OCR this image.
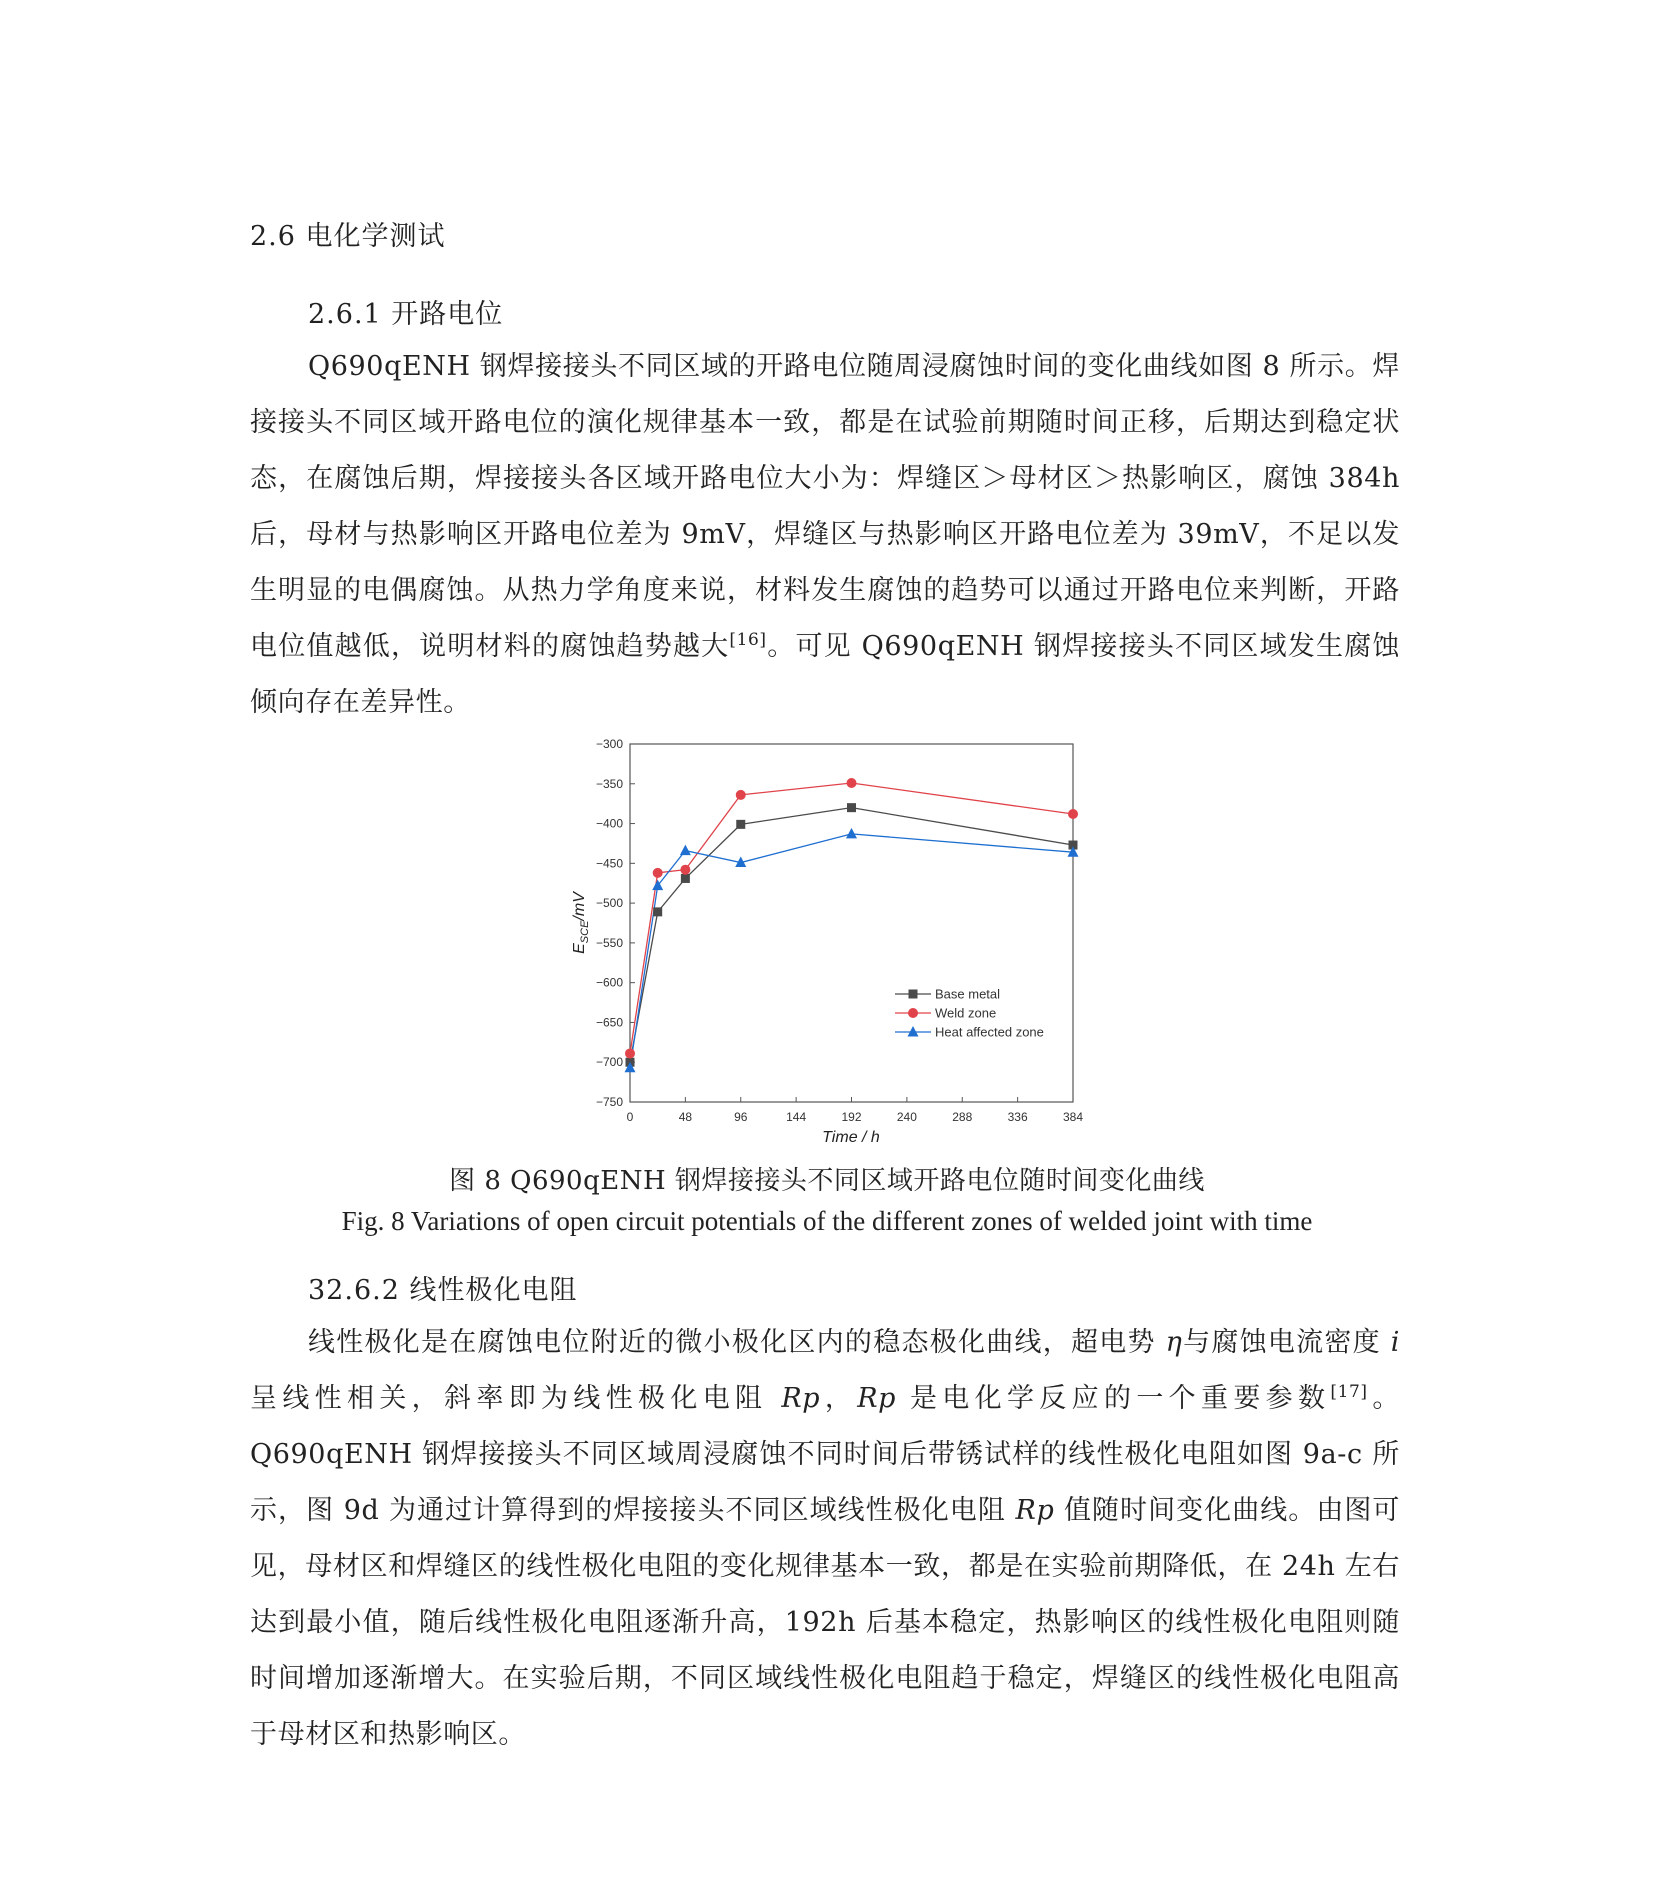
2.6 电化学测试
2.6.1 开路电位
Q690qENH 钢焊接接头不同区域的开路电位随周浸腐蚀时间的变化曲线如图 8 所示。焊接接头不同区域开路电位的演化规律基本一致，都是在试验前期随时间正移，后期达到稳定状态，在腐蚀后期，焊接接头各区域开路电位大小为：焊缝区＞母材区＞热影响区，腐蚀 384h 后，母材与热影响区开路电位差为 9mV，焊缝区与热影响区开路电位差为 39mV，不足以发生明显的电偶腐蚀。从热力学角度来说，材料发生腐蚀的趋势可以通过开路电位来判断，开路电位值越低，说明材料的腐蚀趋势越大[16]。可见 Q690qENH 钢焊接接头不同区域发生腐蚀倾向存在差异性。
−300
−350
−400
−450
−500
−550
−600
−650
−700
−750
0	48	96	144	192	240	288	336	384
Base metal
Weld zone
Heat affected zone
Time / h
$E_{SCE}/mV$
图 8 Q690qENH 钢焊接接头不同区域开路电位随时间变化曲线
Fig. 8 Variations of open circuit potentials of the different zones of welded joint with time
32.6.2 线性极化电阻
线性极化是在腐蚀电位附近的微小极化区内的稳态极化曲线，超电势 η与腐蚀电流密度 i 呈线性相关，斜率即为线性极化电阻 Rp，Rp 是电化学反应的一个重要参数[17]。Q690qENH 钢焊接接头不同区域周浸腐蚀不同时间后带锈试样的线性极化电阻如图 9a-c 所示，图 9d 为通过计算得到的焊接接头不同区域线性极化电阻 Rp 值随时间变化曲线。由图可见，母材区和焊缝区的线性极化电阻的变化规律基本一致，都是在实验前期降低，在 24h 左右达到最小值，随后线性极化电阻逐渐升高，192h 后基本稳定，热影响区的线性极化电阻则随时间增加逐渐增大。在实验后期，不同区域线性极化电阻趋于稳定，焊缝区的线性极化电阻高于母材区和热影响区。
